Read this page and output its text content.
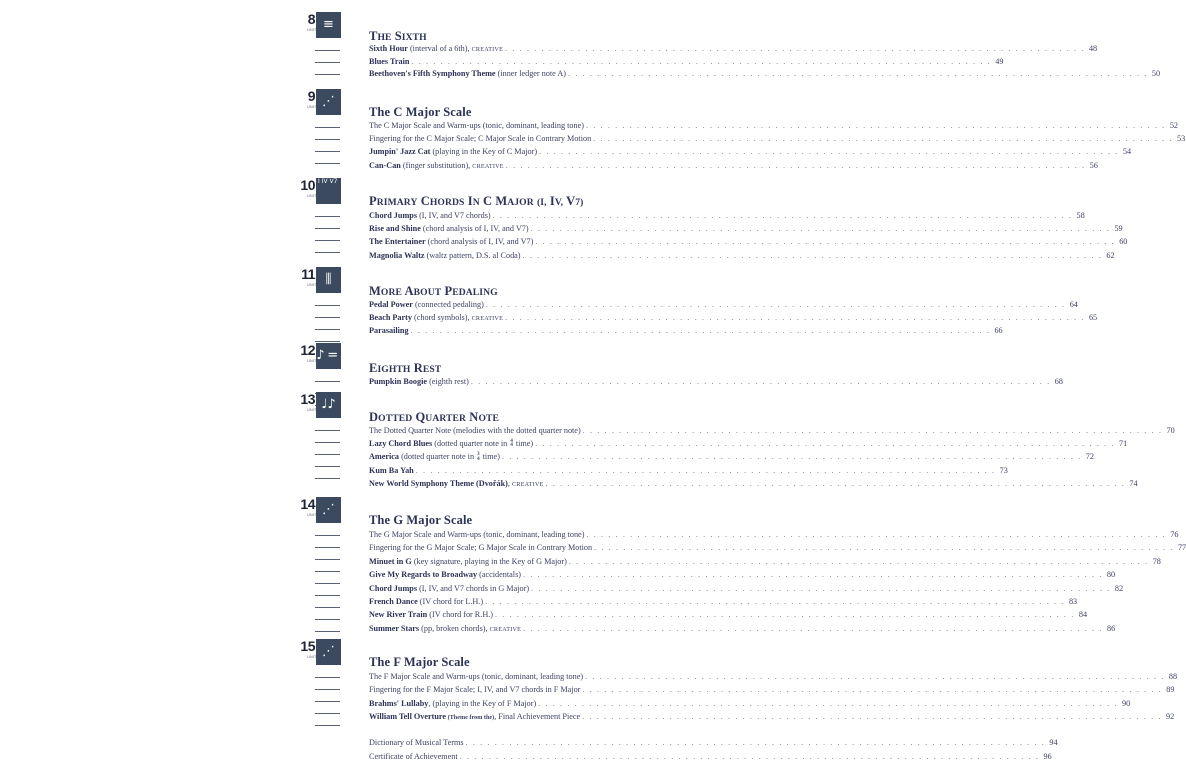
8
UNIT ≡
THE SIXTH
Sixth Hour (interval of a 6th), CREATIVE . . . . . . . . . . . . . . . . . . . . . . . . . . . . . . . . . . . . . . . . . . . . . . . . . . . . . . . . . . . . . . . . . . . . . . . . . . . . . . . . 48
Blues Train . . . . . . . . . . . . . . . . . . . . . . . . . . . . . . . . . . . . . . . . . . . . . . . . . . . . . . . . . . . . . . . . . . . . . . . . . . . . . . . . 49
Beethoven's Fifth Symphony Theme (inner ledger note A) . . . . . . . . . . . . . . . . . . . . . . . . . . . . . . . . . . . . . . . . . . . . . . . . . . . . . . . . . . . . . . . . . . . . . . . . . . . . . . . . 50
9
UNIT ⋰
The C Major Scale
The C Major Scale and Warm-ups (tonic, dominant, leading tone) . . . . . . . . . . . . . . . . . . . . . . . . . . . . . . . . . . . . . . . . . . . . . . . . . . . . . . . . . . . . . . . . . . . . . . . . . . . . . . . . 52
Fingering for the C Major Scale; C Major Scale in Contrary Motion . . . . . . . . . . . . . . . . . . . . . . . . . . . . . . . . . . . . . . . . . . . . . . . . . . . . . . . . . . . . . . . . . . . . . . . . . . . . . . . . 53
Jumpin' Jazz Cat (playing in the Key of C Major) . . . . . . . . . . . . . . . . . . . . . . . . . . . . . . . . . . . . . . . . . . . . . . . . . . . . . . . . . . . . . . . . . . . . . . . . . . . . . . . . 54
Can-Can (finger substitution), CREATIVE . . . . . . . . . . . . . . . . . . . . . . . . . . . . . . . . . . . . . . . . . . . . . . . . . . . . . . . . . . . . . . . . . . . . . . . . . . . . . . . . 56
10
UNIT
I IV V7
PRIMARY CHORDS IN C MAJOR (I, IV, V7)
Chord Jumps (I, IV, and V7 chords) . . . . . . . . . . . . . . . . . . . . . . . . . . . . . . . . . . . . . . . . . . . . . . . . . . . . . . . . . . . . . . . . . . . . . . . . . . . . . . . . 58
Rise and Shine (chord analysis of I, IV, and V7) . . . . . . . . . . . . . . . . . . . . . . . . . . . . . . . . . . . . . . . . . . . . . . . . . . . . . . . . . . . . . . . . . . . . . . . . . . . . . . . . 59
The Entertainer (chord analysis of I, IV, and V7) . . . . . . . . . . . . . . . . . . . . . . . . . . . . . . . . . . . . . . . . . . . . . . . . . . . . . . . . . . . . . . . . . . . . . . . . . . . . . . . . 60
Magnolia Waltz (waltz pattern, D.S. al Coda) . . . . . . . . . . . . . . . . . . . . . . . . . . . . . . . . . . . . . . . . . . . . . . . . . . . . . . . . . . . . . . . . . . . . . . . . . . . . . . . . 62
11
UNIT ⫼
MORE ABOUT PEDALING
Pedal Power (connected pedaling) . . . . . . . . . . . . . . . . . . . . . . . . . . . . . . . . . . . . . . . . . . . . . . . . . . . . . . . . . . . . . . . . . . . . . . . . . . . . . . . . 64
Beach Party (chord symbols), CREATIVE . . . . . . . . . . . . . . . . . . . . . . . . . . . . . . . . . . . . . . . . . . . . . . . . . . . . . . . . . . . . . . . . . . . . . . . . . . . . . . . . 65
Parasailing . . . . . . . . . . . . . . . . . . . . . . . . . . . . . . . . . . . . . . . . . . . . . . . . . . . . . . . . . . . . . . . . . . . . . . . . . . . . . . . . 66
12
UNIT ♪ = 
EIGHTH REST
Pumpkin Boogie (eighth rest) . . . . . . . . . . . . . . . . . . . . . . . . . . . . . . . . . . . . . . . . . . . . . . . . . . . . . . . . . . . . . . . . . . . . . . . . . . . . . . . . 68
13
UNIT ♩♪
DOTTED QUARTER NOTE
The Dotted Quarter Note (melodies with the dotted quarter note) . . . . . . . . . . . . . . . . . . . . . . . . . . . . . . . . . . . . . . . . . . . . . . . . . . . . . . . . . . . . . . . . . . . . . . . . . . . . . . . . 70
Lazy Chord Blues (dotted quarter note in 4
4 time) . . . . . . . . . . . . . . . . . . . . . . . . . . . . . . . . . . . . . . . . . . . . . . . . . . . . . . . . . . . . . . . . . . . . . . . . . . . . . . . . 71
America (dotted quarter note in 3
4 time) . . . . . . . . . . . . . . . . . . . . . . . . . . . . . . . . . . . . . . . . . . . . . . . . . . . . . . . . . . . . . . . . . . . . . . . . . . . . . . . . 72
Kum Ba Yah . . . . . . . . . . . . . . . . . . . . . . . . . . . . . . . . . . . . . . . . . . . . . . . . . . . . . . . . . . . . . . . . . . . . . . . . . . . . . . . . 73
New World Symphony Theme (Dvořák), CREATIVE . . . . . . . . . . . . . . . . . . . . . . . . . . . . . . . . . . . . . . . . . . . . . . . . . . . . . . . . . . . . . . . . . . . . . . . . . . . . . . . . 74
14
UNIT ⋰
The G Major Scale
The G Major Scale and Warm-ups (tonic, dominant, leading tone) . . . . . . . . . . . . . . . . . . . . . . . . . . . . . . . . . . . . . . . . . . . . . . . . . . . . . . . . . . . . . . . . . . . . . . . . . . . . . . . . 76
Fingering for the G Major Scale; G Major Scale in Contrary Motion . . . . . . . . . . . . . . . . . . . . . . . . . . . . . . . . . . . . . . . . . . . . . . . . . . . . . . . . . . . . . . . . . . . . . . . . . . . . . . . . 77
Minuet in G (key signature, playing in the Key of G Major) . . . . . . . . . . . . . . . . . . . . . . . . . . . . . . . . . . . . . . . . . . . . . . . . . . . . . . . . . . . . . . . . . . . . . . . . . . . . . . . . 78
Give My Regards to Broadway (accidentals) . . . . . . . . . . . . . . . . . . . . . . . . . . . . . . . . . . . . . . . . . . . . . . . . . . . . . . . . . . . . . . . . . . . . . . . . . . . . . . . . 80
Chord Jumps (I, IV, and V7 chords in G Major) . . . . . . . . . . . . . . . . . . . . . . . . . . . . . . . . . . . . . . . . . . . . . . . . . . . . . . . . . . . . . . . . . . . . . . . . . . . . . . . . 82
French Dance (IV chord for L.H.) . . . . . . . . . . . . . . . . . . . . . . . . . . . . . . . . . . . . . . . . . . . . . . . . . . . . . . . . . . . . . . . . . . . . . . . . . . . . . . . . 83
New River Train (IV chord for R.H.) . . . . . . . . . . . . . . . . . . . . . . . . . . . . . . . . . . . . . . . . . . . . . . . . . . . . . . . . . . . . . . . . . . . . . . . . . . . . . . . . 84
Summer Stars (pp, broken chords), CREATIVE . . . . . . . . . . . . . . . . . . . . . . . . . . . . . . . . . . . . . . . . . . . . . . . . . . . . . . . . . . . . . . . . . . . . . . . . . . . . . . . . 86
15
UNIT ⋰
The F Major Scale
The F Major Scale and Warm-ups (tonic, dominant, leading tone) . . . . . . . . . . . . . . . . . . . . . . . . . . . . . . . . . . . . . . . . . . . . . . . . . . . . . . . . . . . . . . . . . . . . . . . . . . . . . . . . 88
Fingering for the F Major Scale; I, IV, and V7 chords in F Major . . . . . . . . . . . . . . . . . . . . . . . . . . . . . . . . . . . . . . . . . . . . . . . . . . . . . . . . . . . . . . . . . . . . . . . . . . . . . . . . 89
Brahms' Lullaby, (playing in the Key of F Major) . . . . . . . . . . . . . . . . . . . . . . . . . . . . . . . . . . . . . . . . . . . . . . . . . . . . . . . . . . . . . . . . . . . . . . . . . . . . . . . . 90
William Tell Overture (Theme from the), Final Achievement Piece . . . . . . . . . . . . . . . . . . . . . . . . . . . . . . . . . . . . . . . . . . . . . . . . . . . . . . . . . . . . . . . . . . . . . . . . . . . . . . . . 92
Dictionary of Musical Terms . . . . . . . . . . . . . . . . . . . . . . . . . . . . . . . . . . . . . . . . . . . . . . . . . . . . . . . . . . . . . . . . . . . . . . . . . . . . . . . . 94
Certificate of Achievement . . . . . . . . . . . . . . . . . . . . . . . . . . . . . . . . . . . . . . . . . . . . . . . . . . . . . . . . . . . . . . . . . . . . . . . . . . . . . . . . 96
